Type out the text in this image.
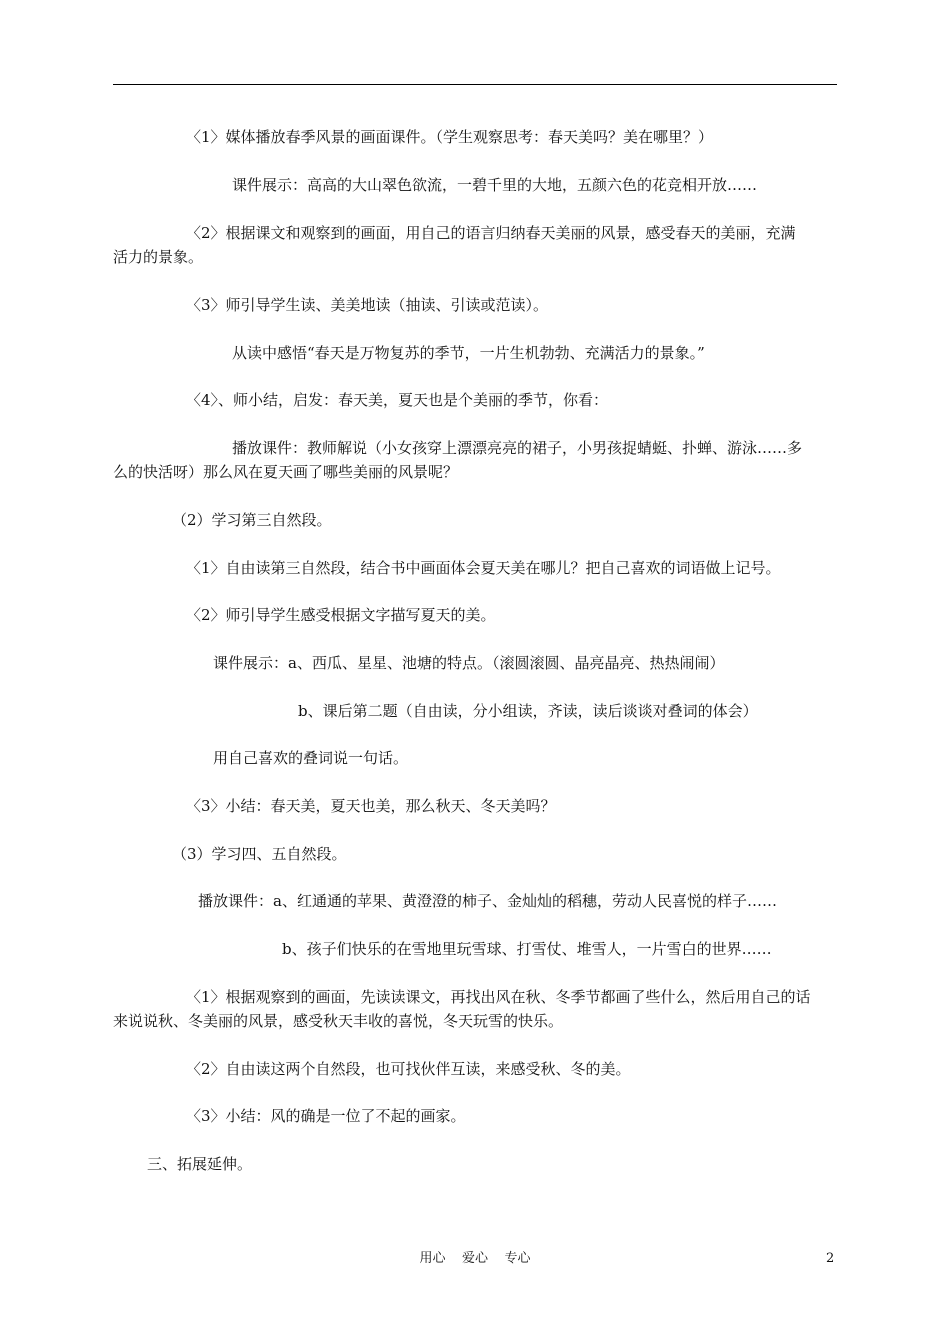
〈1〉媒体播放春季风景的画面课件。（学生观察思考：春天美吗？美在哪里？）
课件展示：高高的大山翠色欲流，一碧千里的大地，五颜六色的花竞相开放……
〈2〉根据课文和观察到的画面，用自己的语言归纳春天美丽的风景，感受春天的美丽，充满
活力的景象。
〈3〉师引导学生读、美美地读（抽读、引读或范读）。
从读中感悟“春天是万物复苏的季节，一片生机勃勃、充满活力的景象。”
〈4〉、师小结，启发：春天美，夏天也是个美丽的季节，你看：
播放课件：教师解说（小女孩穿上漂漂亮亮的裙子，小男孩捉蜻蜓、扑蝉、游泳……多
么的快活呀）那么风在夏天画了哪些美丽的风景呢？
（2）学习第三自然段。
〈1〉自由读第三自然段，结合书中画面体会夏天美在哪儿？把自己喜欢的词语做上记号。
〈2〉师引导学生感受根据文字描写夏天的美。
课件展示：a、西瓜、星星、池塘的特点。（滚圆滚圆、晶亮晶亮、热热闹闹）
b、课后第二题（自由读，分小组读，齐读，读后谈谈对叠词的体会）
用自己喜欢的叠词说一句话。
〈3〉小结：春天美，夏天也美，那么秋天、冬天美吗？
（3）学习四、五自然段。
播放课件：a、红通通的苹果、黄澄澄的柿子、金灿灿的稻穗，劳动人民喜悦的样子……
b、孩子们快乐的在雪地里玩雪球、打雪仗、堆雪人，一片雪白的世界……
〈1〉根据观察到的画面，先读读课文，再找出风在秋、冬季节都画了些什么，然后用自己的话
来说说秋、冬美丽的风景，感受秋天丰收的喜悦，冬天玩雪的快乐。
〈2〉自由读这两个自然段，也可找伙伴互读，来感受秋、冬的美。
〈3〉小结：风的确是一位了不起的画家。
三、拓展延伸。
用心    爱心    专心	2
